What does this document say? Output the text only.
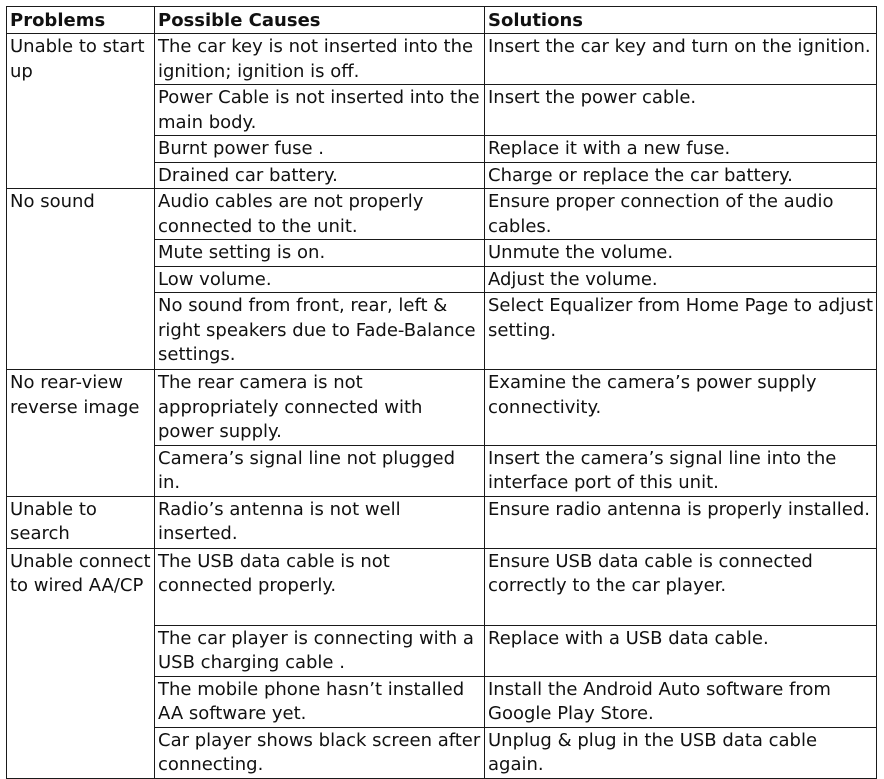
Problems	Possible Causes	Solutions
Unable to start up	The car key is not inserted into the ignition; ignition is off.	Insert the car key and turn on the ignition.
	Power Cable is not inserted into the main body.	Insert the power cable.
	Burnt power fuse .	Replace it with a new fuse.
	Drained car battery.	Charge or replace the car battery.
No sound	Audio cables are not properly connected to the unit.	Ensure proper connection of the audio cables.
	Mute setting is on.	Unmute the volume.
	Low volume.	Adjust the volume.
	No sound from front, rear, left & right speakers due to Fade-Balance settings.	Select Equalizer from Home Page to adjust setting.
No rear-view reverse image	The rear camera is not appropriately connected with power supply.	Examine the camera’s power supply connectivity.
	Camera’s signal line not plugged in.	Insert the camera’s signal line into the interface port of this unit.
Unable to search	Radio’s antenna is not well inserted.	Ensure radio antenna is properly installed.
Unable connect to wired AA/CP	The USB data cable is not connected properly.	Ensure USB data cable is connected correctly to the car player.
	The car player is connecting with a USB charging cable .	Replace with a USB data cable.
	The mobile phone hasn’t installed AA software yet.	Install the Android Auto software from Google Play Store.
	Car player shows black screen after connecting.	Unplug & plug in the USB data cable again.
